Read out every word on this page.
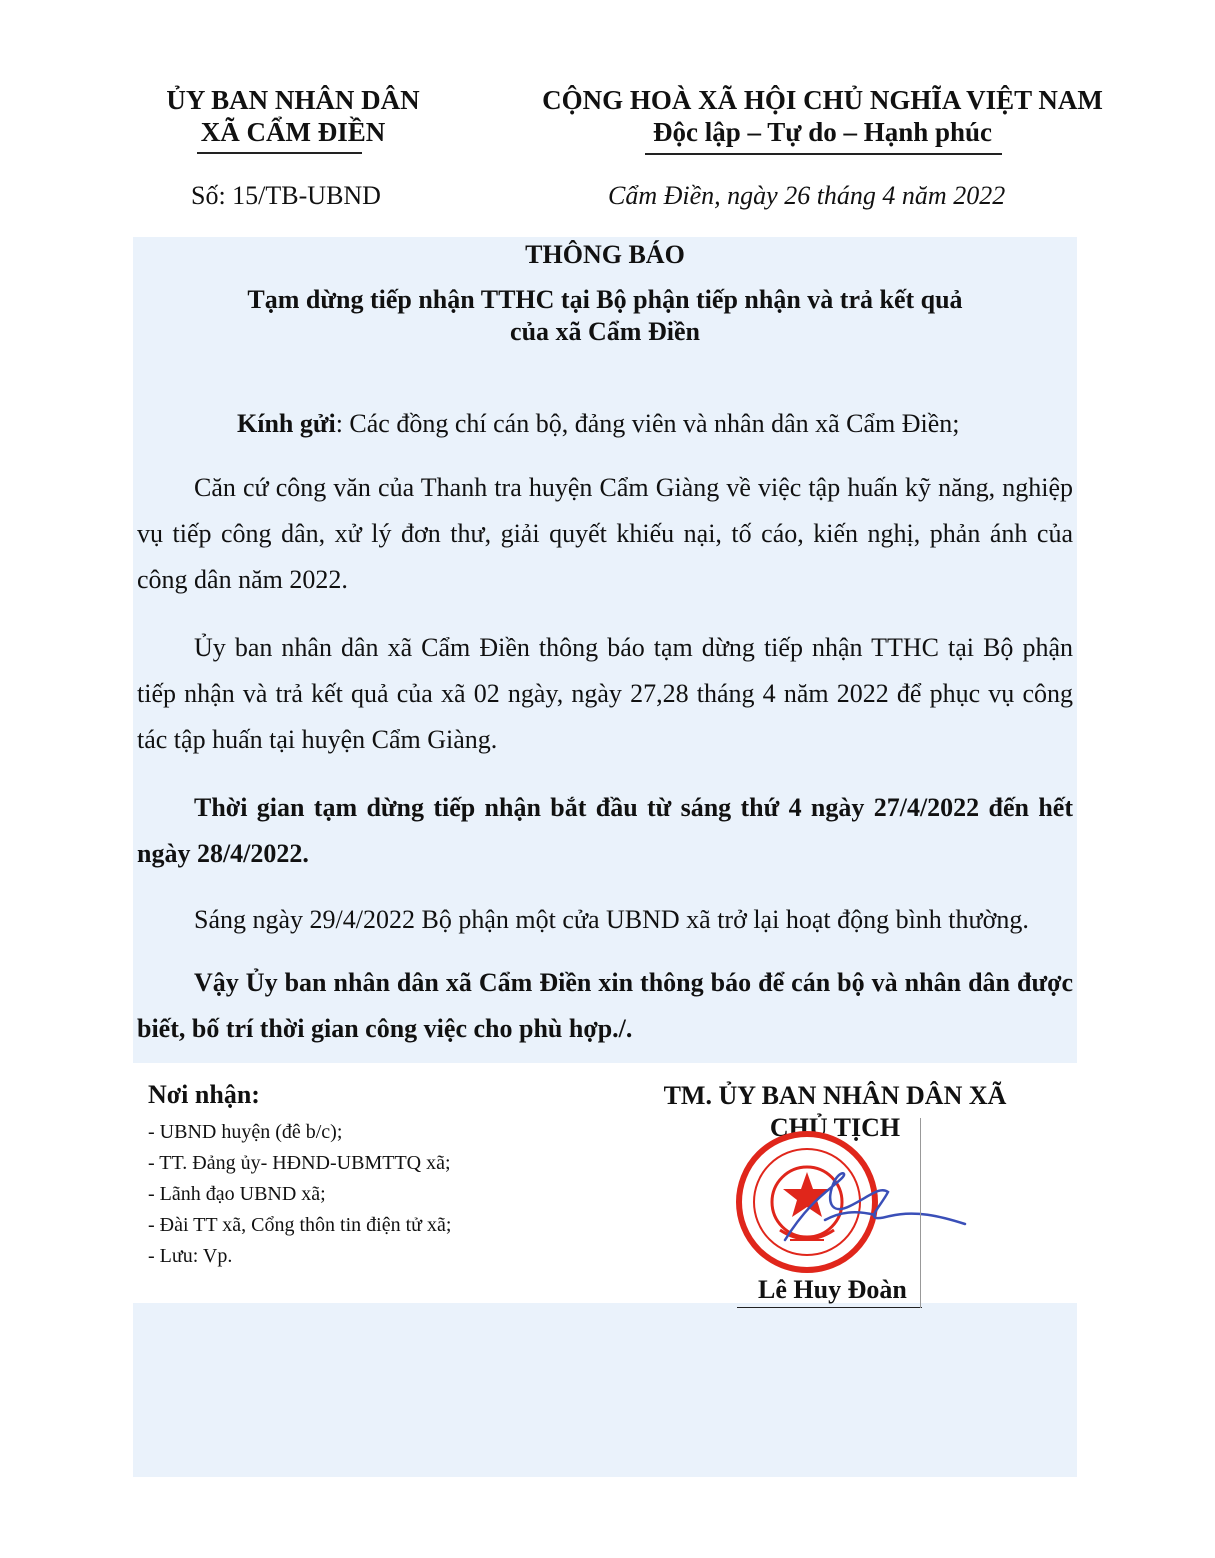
ỦY BAN NHÂN DÂN
XÃ CẨM ĐIỀN
CỘNG HOÀ XÃ HỘI CHỦ NGHĨA VIỆT NAM
Độc lập – Tự do – Hạnh phúc
Số: 15/TB-UBND	Cẩm Điền, ngày 26 tháng 4 năm 2022
THÔNG BÁO
Tạm dừng tiếp nhận TTHC tại Bộ phận tiếp nhận và trả kết quả
của xã Cẩm Điền
Kính gửi: Các đồng chí cán bộ, đảng viên và nhân dân xã Cẩm Điền;
Căn cứ công văn của Thanh tra huyện Cẩm Giàng về việc tập huấn kỹ năng, nghiệp vụ tiếp công dân, xử lý đơn thư, giải quyết khiếu nại, tố cáo, kiến nghị, phản ánh của công dân năm 2022.
Ủy ban nhân dân xã Cẩm Điền thông báo tạm dừng tiếp nhận TTHC tại Bộ phận tiếp nhận và trả kết quả của xã 02 ngày, ngày 27,28 tháng 4 năm 2022 để phục vụ công tác tập huấn tại huyện Cẩm Giàng.
Thời gian tạm dừng tiếp nhận bắt đầu từ sáng thứ 4 ngày 27/4/2022 đến hết ngày 28/4/2022.
Sáng ngày 29/4/2022 Bộ phận một cửa UBND xã trở lại hoạt động bình thường.
Vậy Ủy ban nhân dân xã Cẩm Điền xin thông báo để cán bộ và nhân dân được biết, bố trí thời gian công việc cho phù hợp./.
Nơi nhận:
- UBND huyện (đê b/c);
- TT. Đảng ủy- HĐND-UBMTTQ xã;
- Lãnh đạo UBND xã;
- Đài TT xã, Cổng thôn tin điện tử xã;
- Lưu: Vp.
TM. ỦY BAN NHÂN DÂN XÃ
CHỦ TỊCH
Lê Huy Đoàn
